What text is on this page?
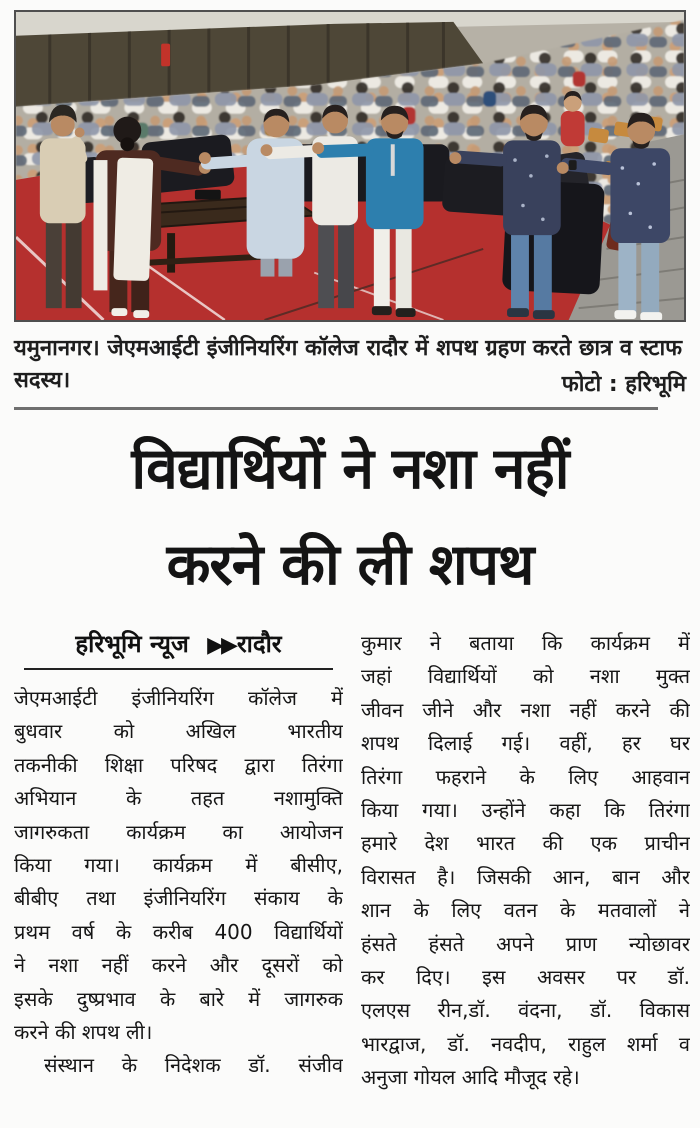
यमुनानगर। जेएमआईटी इंजीनियरिंग कॉलेज रादौर में शपथ ग्रहण करते छात्र व स्टाफ सदस्य।	फोटो : हरिभूमि
विद्यार्थियों ने नशा नहीं
करने की ली शपथ
हरिभूमि न्यूज ▶▶रादौर
जेएमआईटी इंजीनियरिंग कॉलेज में
बुधवार को अखिल भारतीय
तकनीकी शिक्षा परिषद द्वारा तिरंगा
अभियान के तहत नशामुक्ति
जागरुकता कार्यक्रम का आयोजन
किया गया। कार्यक्रम में बीसीए,
बीबीए तथा इंजीनियरिंग संकाय के
प्रथम वर्ष के करीब 400 विद्यार्थियों
ने नशा नहीं करने और दूसरों को
इसके दुष्प्रभाव के बारे में जागरुक
करने की शपथ ली।
संस्थान के निदेशक डॉ. संजीव
कुमार ने बताया कि कार्यक्रम में
जहां विद्यार्थियों को नशा मुक्त
जीवन जीने और नशा नहीं करने की
शपथ दिलाई गई। वहीं, हर घर
तिरंगा फहराने के लिए आहवान
किया गया। उन्होंने कहा कि तिरंगा
हमारे देश भारत की एक प्राचीन
विरासत है। जिसकी आन, बान और
शान के लिए वतन के मतवालों ने
हंसते हंसते अपने प्राण न्योछावर
कर दिए। इस अवसर पर डॉ.
एलएस रीन,डॉ. वंदना, डॉ. विकास
भारद्वाज, डॉ. नवदीप, राहुल शर्मा व
अनुजा गोयल आदि मौजूद रहे।
